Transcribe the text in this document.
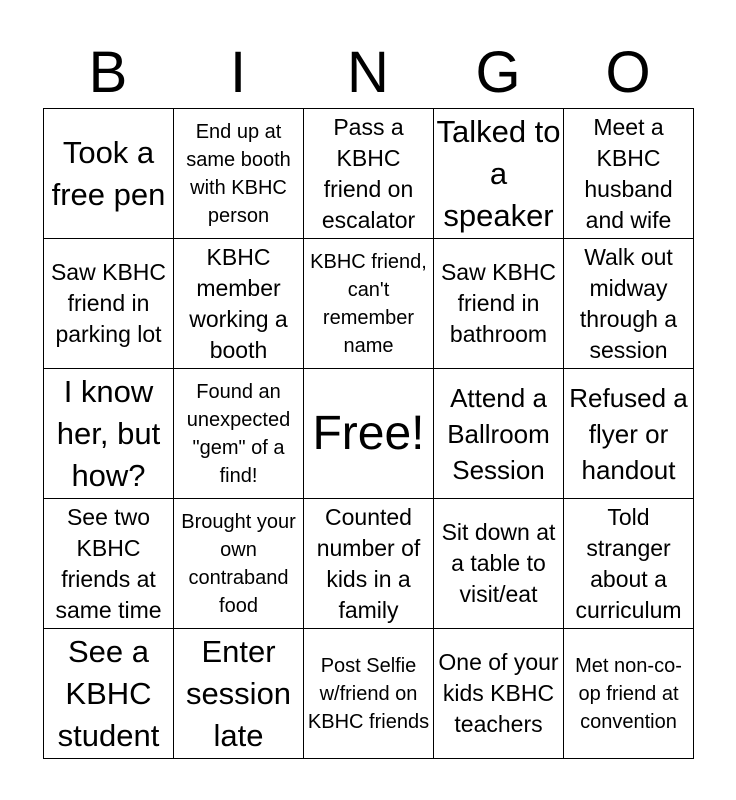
B	I	N	G	O
Took a free pen	End up at same booth with KBHC person	Pass a KBHC friend on escalator	Talked to a speaker	Meet a KBHC husband and wife
Saw KBHC friend in parking lot	KBHC member working a booth	KBHC friend, can't remember name	Saw KBHC friend in bathroom	Walk out midway through a session
I know her, but how?	Found an unexpected "gem" of a find!	Free!	Attend a Ballroom Session	Refused a flyer or handout
See two KBHC friends at same time	Brought your own contraband food	Counted number of kids in a family	Sit down at a table to visit/eat	Told stranger about a curriculum
See a KBHC student	Enter session late	Post Selfie w/friend on KBHC friends	One of your kids KBHC teachers	Met non-co-op friend at convention
